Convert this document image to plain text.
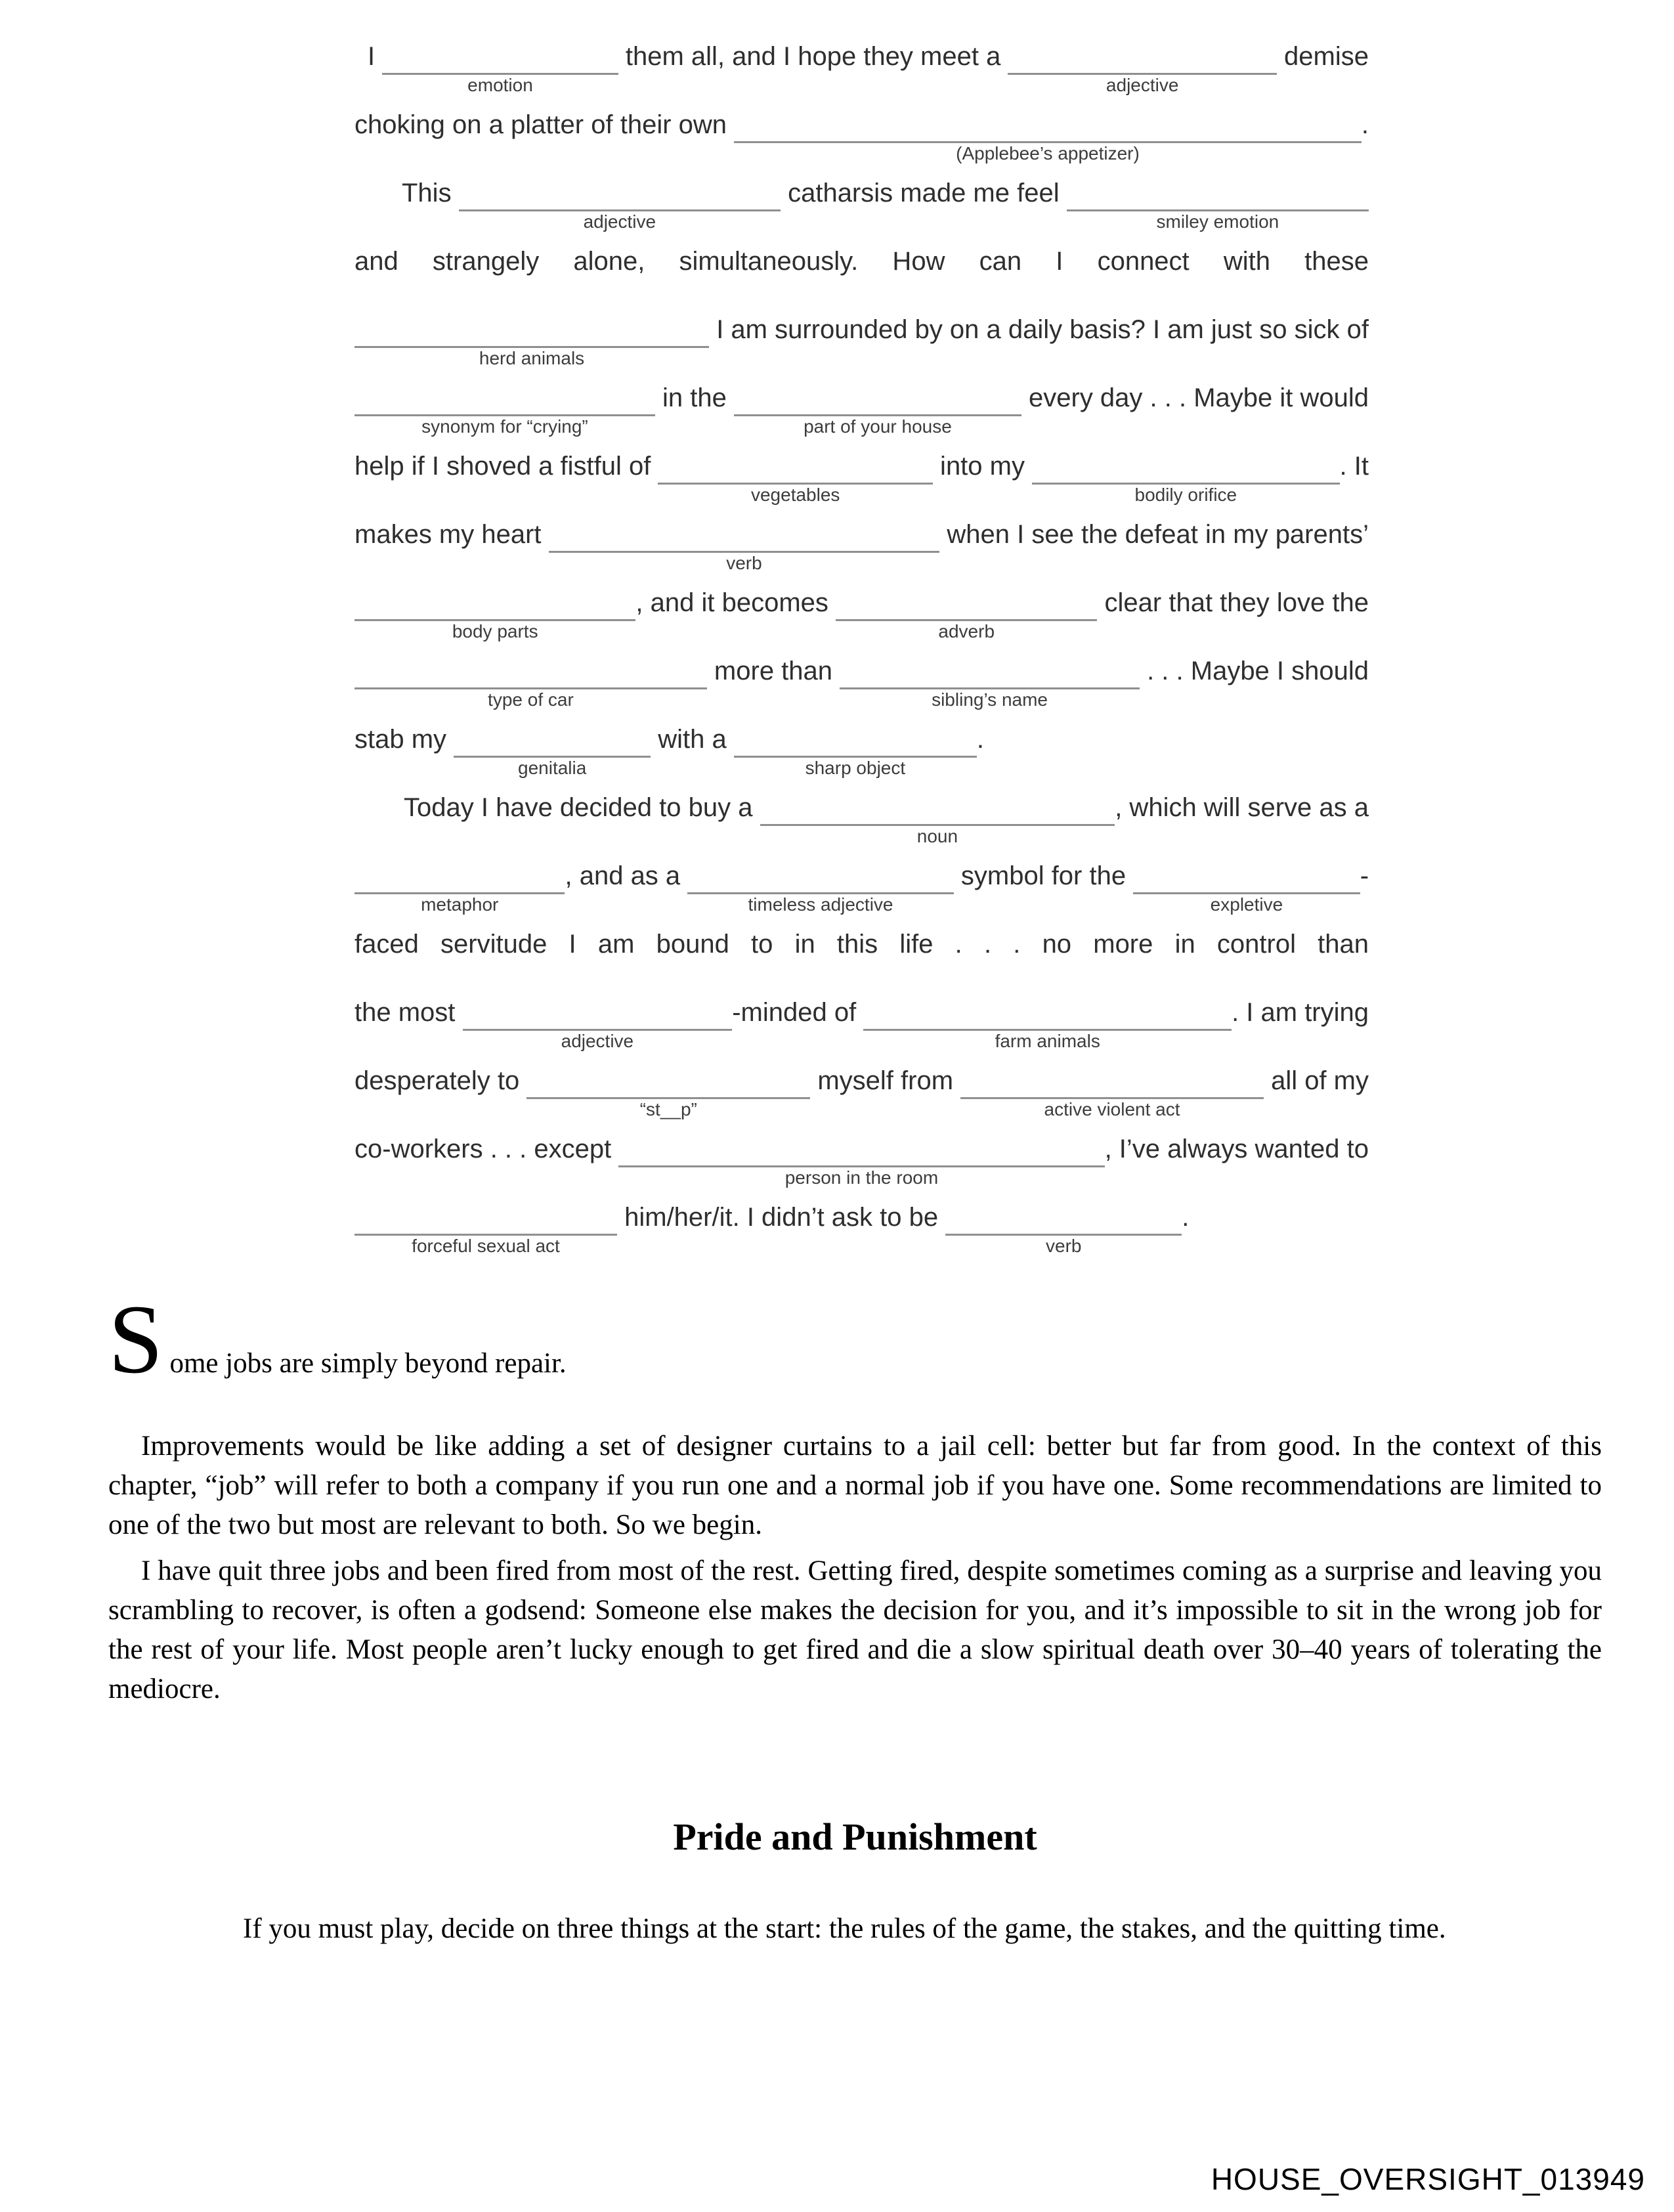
I
emotion
them all, and I hope they meet a
adjective
demise
choking on a platter of their own
(Applebee’s appetizer)
.
This
adjective
catharsis made me feel
smiley emotion
and strangely alone, simultaneously. How can I connect with these
herd animals
I am surrounded by on a daily basis? I am just so sick of
synonym for “crying”
in the
part of your house
every day . . . Maybe it would
help if I shoved a fistful of
vegetables
into my
bodily orifice
. It
makes my heart
verb
when I see the defeat in my parents’
body parts
, and it becomes
adverb
clear that they love the
type of car
more than
sibling’s name
. . . Maybe I should
stab my
genitalia
with a
sharp object
.
Today I have decided to buy a
noun
, which will serve as a
metaphor
, and as a
timeless adjective
symbol for the
expletive
-
faced servitude I am bound to in this life . . . no more in control than
the most
adjective
-minded of
farm animals
. I am trying
desperately to
“st__p”
myself from
active violent act
all of my
co-workers . . . except
person in the room
, I’ve always wanted to
forceful sexual act
him/her/it. I didn’t ask to be
verb
.

S ome jobs are simply beyond repair.

Improvements would be like adding a set of designer curtains to a jail cell: better but far from good. In the context of this chapter, “job” will refer to both a company if you run one and a normal job if you have one. Some recommendations are limited to one of the two but most are relevant to both. So we begin.

I have quit three jobs and been fired from most of the rest. Getting fired, despite sometimes coming as a surprise and leaving you scrambling to recover, is often a godsend: Someone else makes the decision for you, and it’s impossible to sit in the wrong job for the rest of your life. Most people aren’t lucky enough to get fired and die a slow spiritual death over 30–40 years of tolerating the mediocre.

Pride and Punishment

If you must play, decide on three things at the start: the rules of the game, the stakes, and the quitting time.

HOUSE_OVERSIGHT_013949
